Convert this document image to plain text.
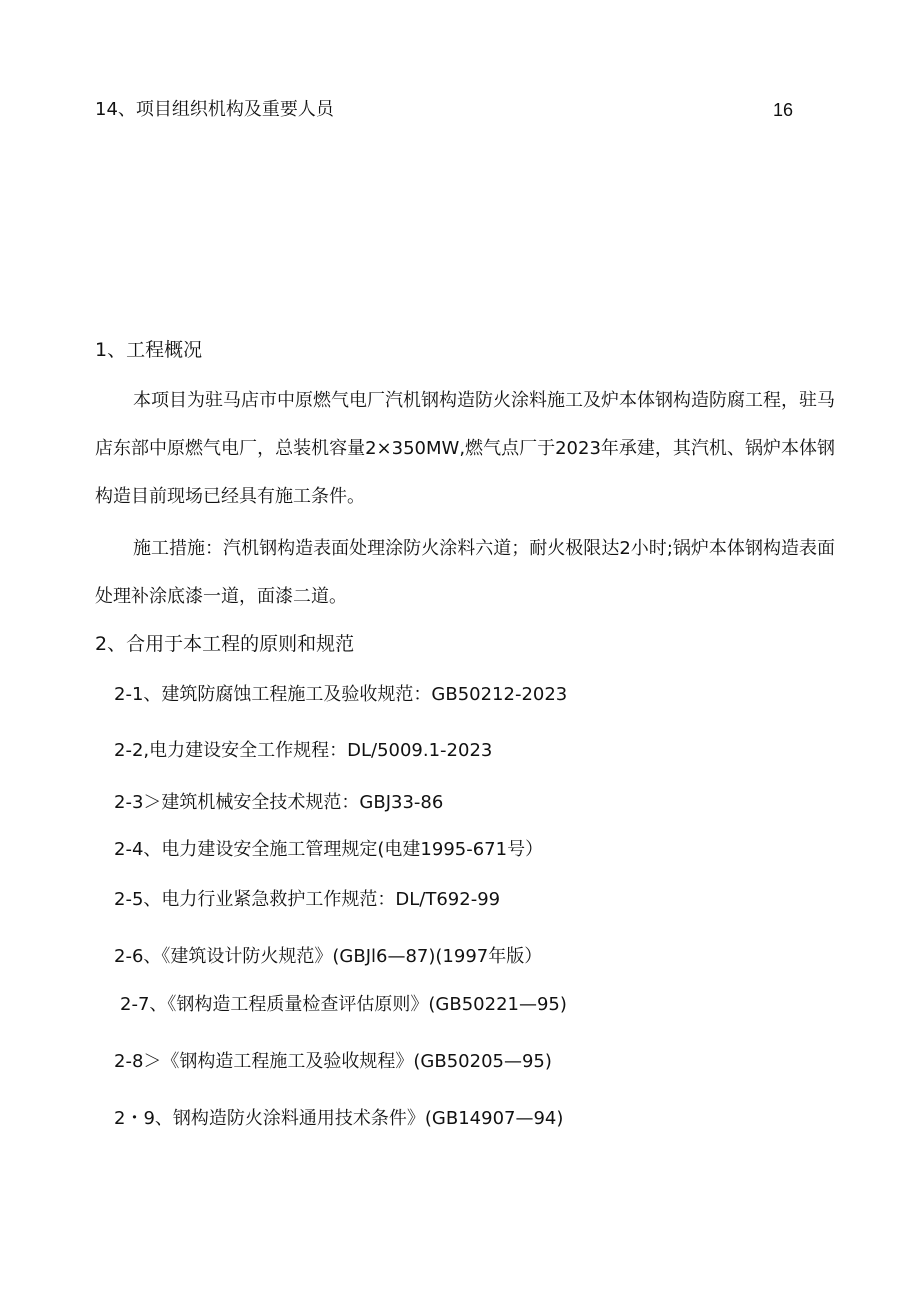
14、项目组织机构及重要人员	16
1、工程概况
本项目为驻马店市中原燃气电厂汽机钢构造防火涂料施工及炉本体钢构造防腐工程，驻马店东部中原燃气电厂，总装机容量2×350MW,燃气点厂于2023年承建，其汽机、锅炉本体钢构造目前现场已经具有施工条件。
施工措施：汽机钢构造表面处理涂防火涂料六道；耐火极限达2小时;锅炉本体钢构造表面处理补涂底漆一道，面漆二道。
2、合用于本工程的原则和规范
2-1、建筑防腐蚀工程施工及验收规范：GB50212-2023
2-2,电力建设安全工作规程：DL/5009.1-2023
2-3＞建筑机械安全技术规范：GBJ33-86
2-4、电力建设安全施工管理规定(电建1995-671号）
2-5、电力行业紧急救护工作规范：DL/T692-99
2-6、《建筑设计防火规范》(GBJl6—87)(1997年版）
2-7、《钢构造工程质量检查评估原则》(GB50221—95)
2-8＞《钢构造工程施工及验收规程》(GB50205—95)
2・9、钢构造防火涂料通用技术条件》(GB14907—94)
